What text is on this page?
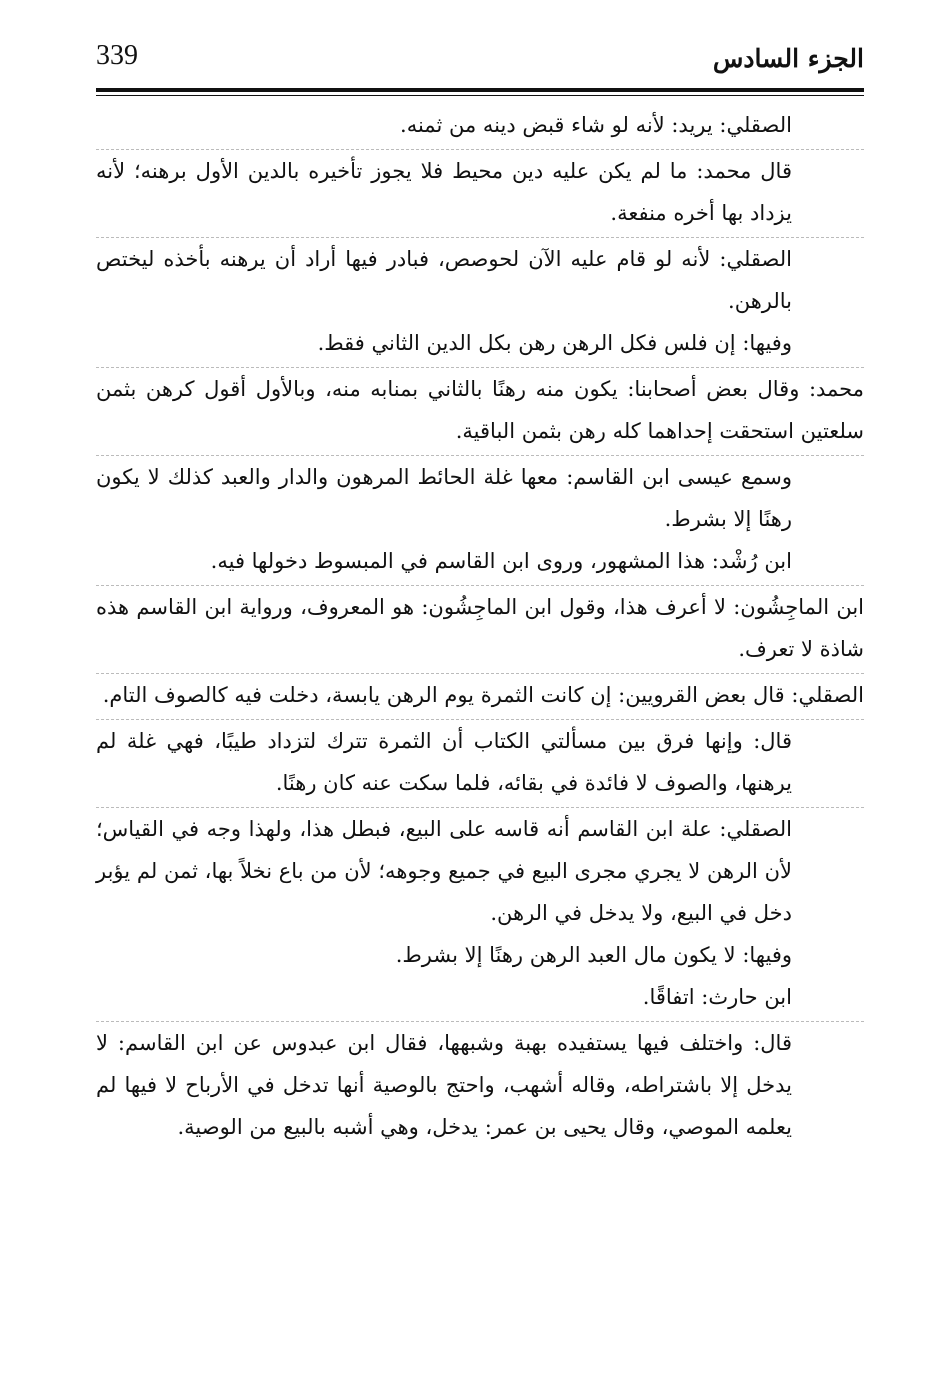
339	الجزء السادس

الصقلي: يريد: لأنه لو شاء قبض دينه من ثمنه.

قال محمد: ما لم يكن عليه دين محيط فلا يجوز تأخيره بالدين الأول برهنه؛ لأنه يزداد بها أخره منفعة.

الصقلي: لأنه لو قام عليه الآن لحوصص، فبادر فيها أراد أن يرهنه بأخذه ليختص بالرهن.

وفيها: إن فلس فكل الرهن رهن بكل الدين الثاني فقط.

محمد: وقال بعض أصحابنا: يكون منه رهنًا بالثاني بمنابه منه، وبالأول أقول كرهن بثمن سلعتين استحقت إحداهما كله رهن بثمن الباقية.

وسمع عيسى ابن القاسم: معها غلة الحائط المرهون والدار والعبد كذلك لا يكون رهنًا إلا بشرط.

ابن رُشْد: هذا المشهور، وروى ابن القاسم في المبسوط دخولها فيه.

ابن الماجِشُون: لا أعرف هذا، وقول ابن الماجِشُون: هو المعروف، ورواية ابن القاسم هذه شاذة لا تعرف.

الصقلي: قال بعض القرويين: إن كانت الثمرة يوم الرهن يابسة، دخلت فيه كالصوف التام.

قال: وإنها فرق بين مسألتي الكتاب أن الثمرة تترك لتزداد طيبًا، فهي غلة لم يرهنها، والصوف لا فائدة في بقائه، فلما سكت عنه كان رهنًا.

الصقلي: علة ابن القاسم أنه قاسه على البيع، فبطل هذا، ولهذا وجه في القياس؛ لأن الرهن لا يجري مجرى البيع في جميع وجوهه؛ لأن من باع نخلاً بها، ثمن لم يؤبر دخل في البيع، ولا يدخل في الرهن.

وفيها: لا يكون مال العبد الرهن رهنًا إلا بشرط.

ابن حارث: اتفاقًا.

قال: واختلف فيها يستفيده بهبة وشبهها، فقال ابن عبدوس عن ابن القاسم: لا يدخل إلا باشتراطه، وقاله أشهب، واحتج بالوصية أنها تدخل في الأرباح لا فيها لم يعلمه الموصي، وقال يحيى بن عمر: يدخل، وهي أشبه بالبيع من الوصية.
